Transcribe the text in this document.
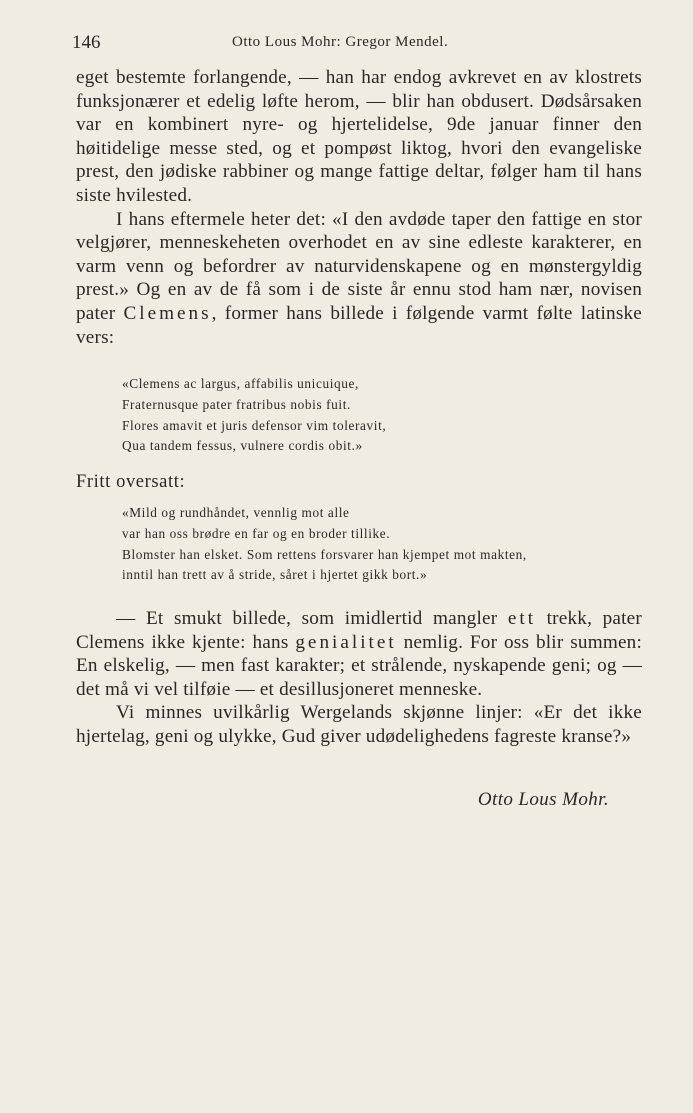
146	Otto Lous Mohr: Gregor Mendel.

eget bestemte forlangende, — han har endog avkrevet en av klostrets funksjonærer et edelig løfte herom, — blir han obdusert. Dødsårsaken var en kombinert nyre- og hjertelidelse, 9de januar finner den høitidelige messe sted, og et pompøst liktog, hvori den evangeliske prest, den jødiske rabbiner og mange fattige deltar, følger ham til hans siste hvilested.

I hans eftermele heter det: «I den avdøde taper den fattige en stor velgjører, menneskeheten overhodet en av sine edleste karakterer, en varm venn og befordrer av naturvidenskapene og en mønstergyldig prest.» Og en av de få som i de siste år ennu stod ham nær, novisen pater Clemens, former hans billede i følgende varmt følte latinske vers:

«Clemens ac largus, affabilis unicuique,
Fraternusque pater fratribus nobis fuit.
Flores amavit et juris defensor vim toleravit,
Qua tandem fessus, vulnere cordis obit.»
Fritt oversatt:
«Mild og rundhåndet, vennlig mot alle
var han oss brødre en far og en broder tillike.
Blomster han elsket. Som rettens forsvarer han kjempet mot makten,
inntil han trett av å stride, såret i hjertet gikk bort.»

— Et smukt billede, som imidlertid mangler ett trekk, pater Clemens ikke kjente: hans genialitet nemlig. For oss blir summen: En elskelig, — men fast karakter; et strålende, nyskapende geni; og — det må vi vel tilføie — et desillusjoneret menneske.

Vi minnes uvilkårlig Wergelands skjønne linjer: «Er det ikke hjertelag, geni og ulykke, Gud giver udødelighedens fagreste kranse?»

Otto Lous Mohr.
